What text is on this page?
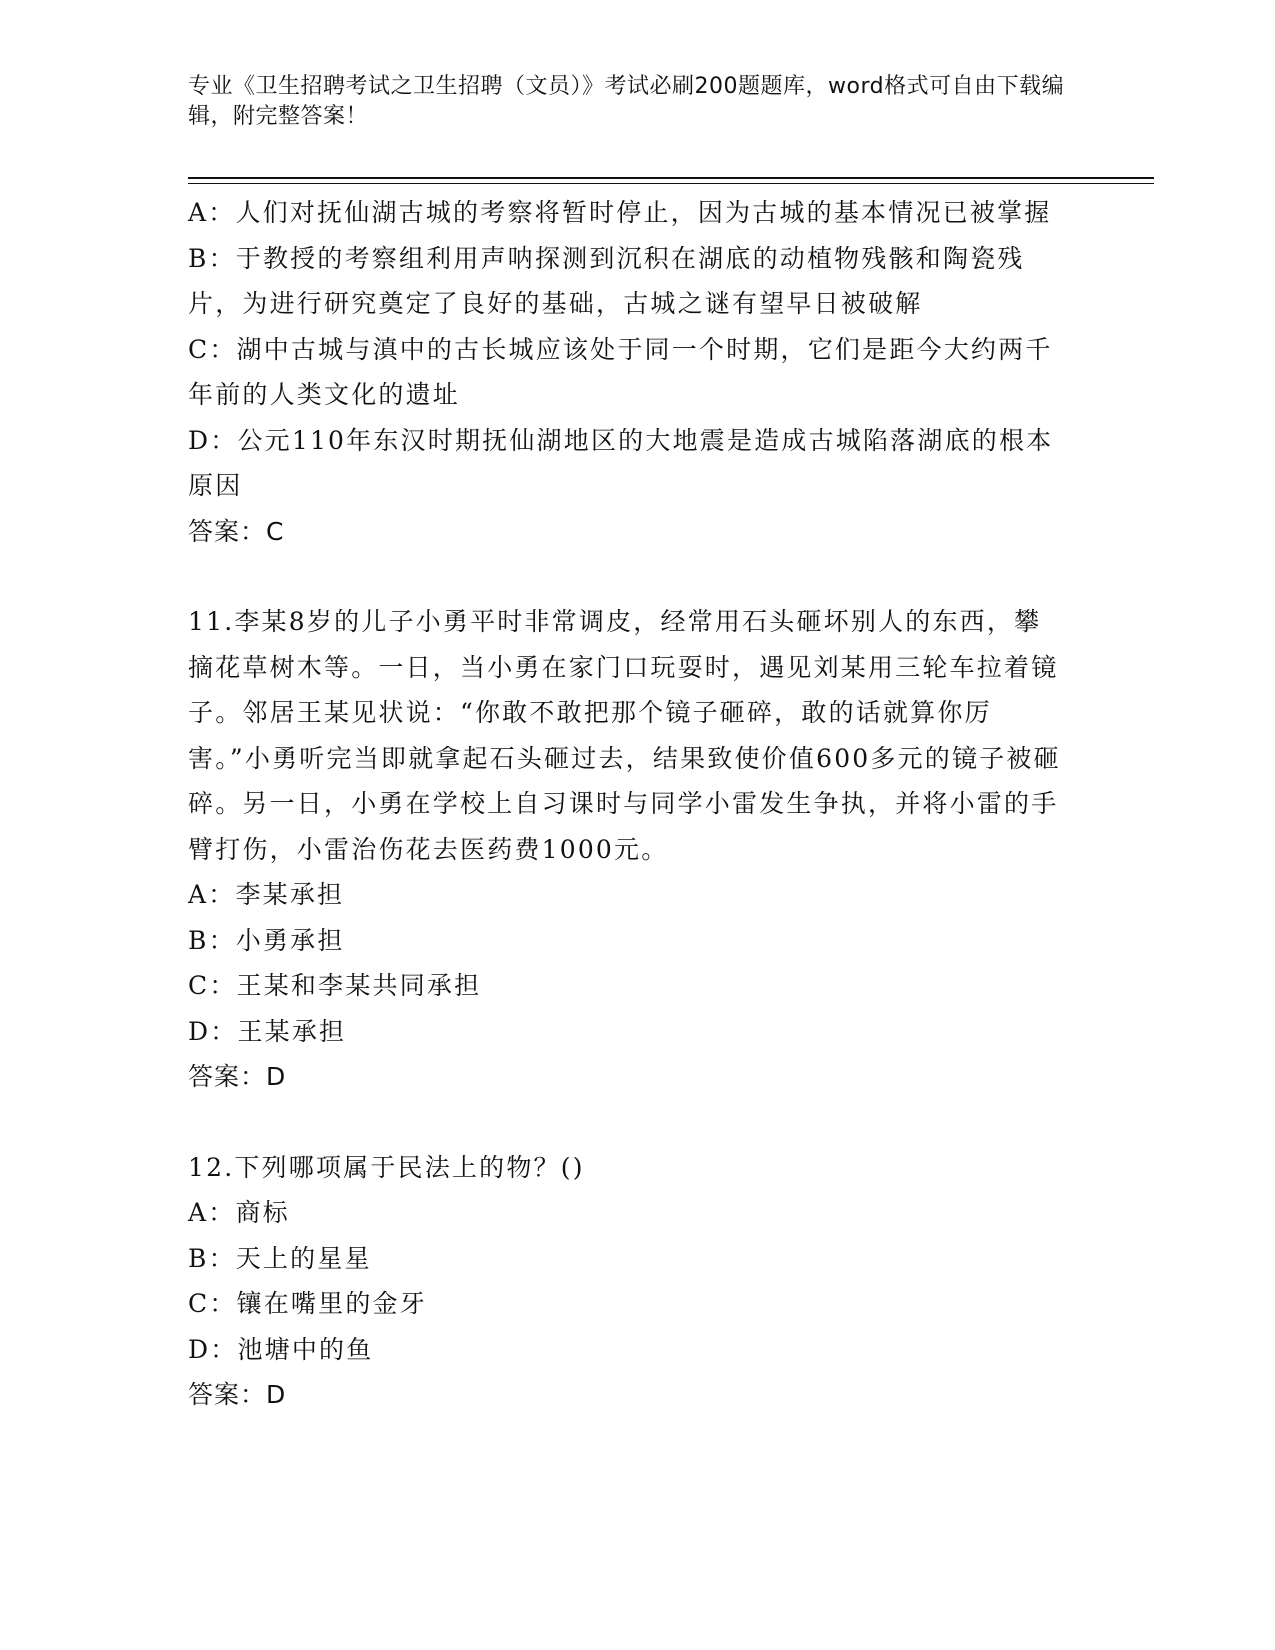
专业《卫生招聘考试之卫生招聘（文员）》考试必刷200题题库，word格式可自由下载编辑，附完整答案！

A：人们对抚仙湖古城的考察将暂时停止，因为古城的基本情况已被掌握

B：于教授的考察组利用声呐探测到沉积在湖底的动植物残骸和陶瓷残片，为进行研究奠定了良好的基础，古城之谜有望早日被破解

C：湖中古城与滇中的古长城应该处于同一个时期，它们是距今大约两千年前的人类文化的遗址

D：公元110年东汉时期抚仙湖地区的大地震是造成古城陷落湖底的根本原因

答案：C

11.李某8岁的儿子小勇平时非常调皮，经常用石头砸坏别人的东西，攀摘花草树木等。一日，当小勇在家门口玩耍时，遇见刘某用三轮车拉着镜子。邻居王某见状说：“你敢不敢把那个镜子砸碎，敢的话就算你厉害。”小勇听完当即就拿起石头砸过去，结果致使价值600多元的镜子被砸碎。另一日，小勇在学校上自习课时与同学小雷发生争执，并将小雷的手臂打伤，小雷治伤花去医药费1000元。

A：李某承担

B：小勇承担

C：王某和李某共同承担

D：王某承担

答案：D

12.下列哪项属于民法上的物？()

A：商标

B：天上的星星

C：镶在嘴里的金牙

D：池塘中的鱼

答案：D
